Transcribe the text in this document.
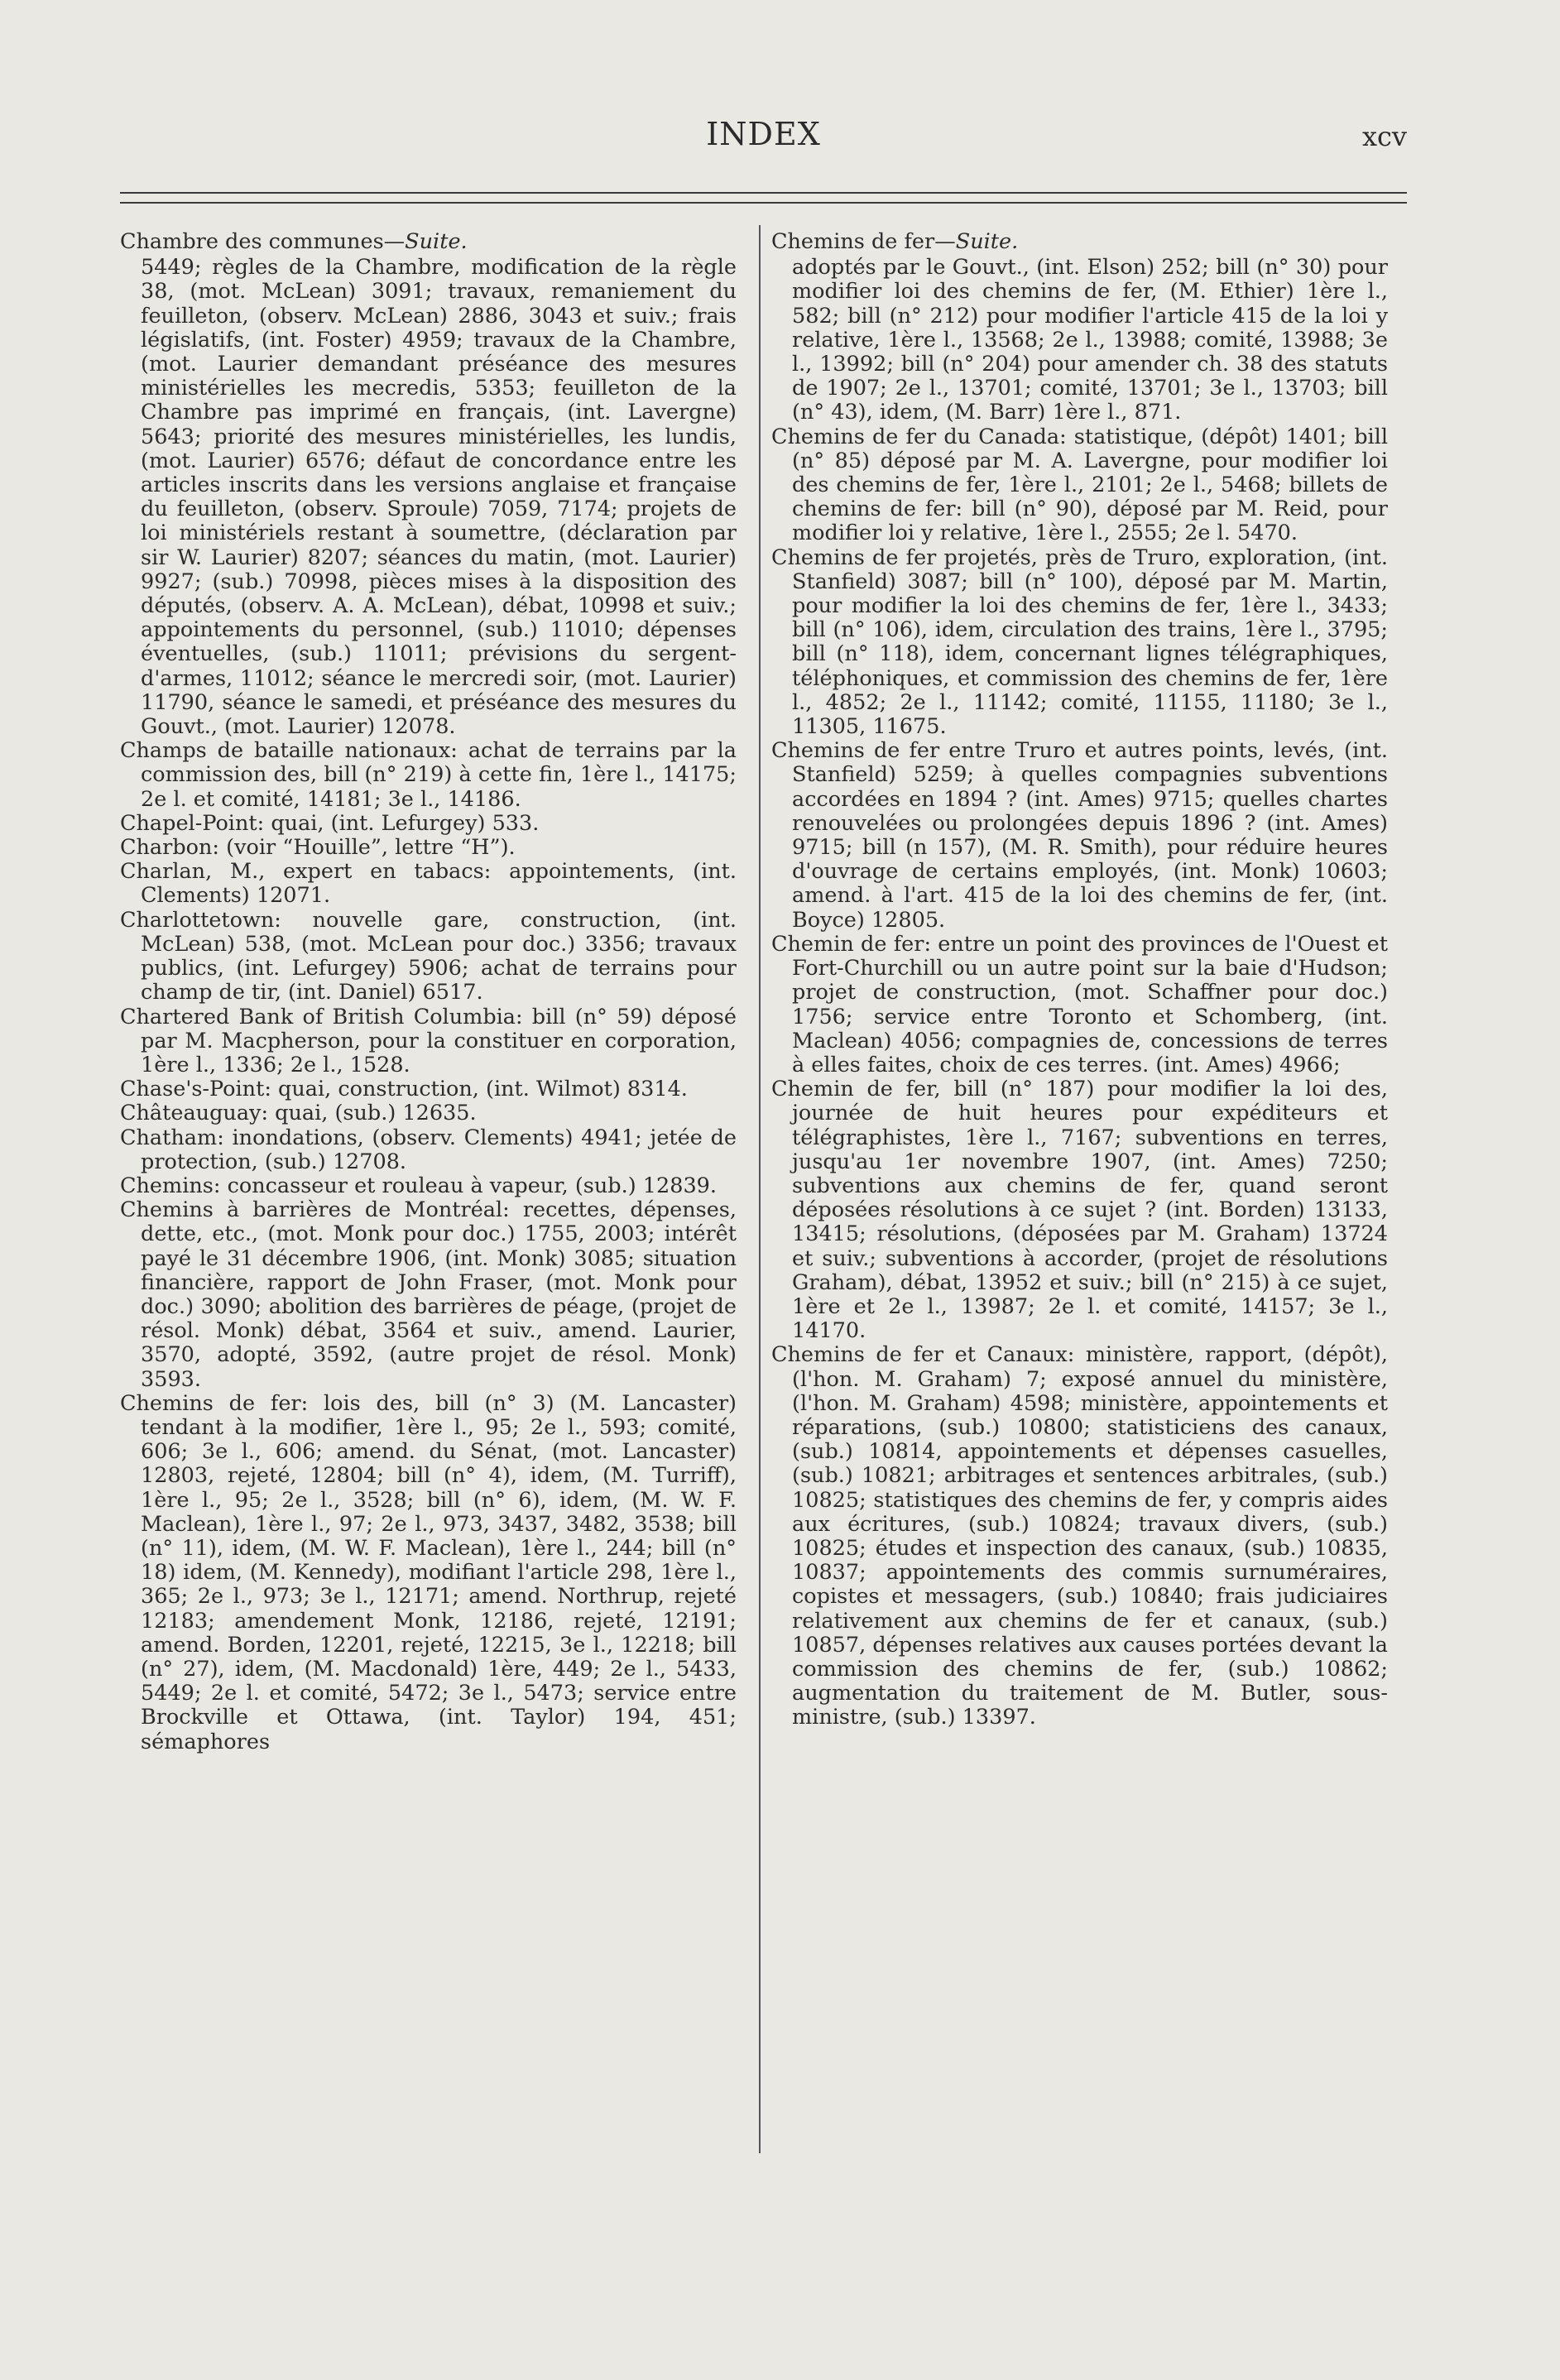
INDEX	xcv

Chambre des communes—Suite.

5449; règles de la Chambre, modification de la règle 38, (mot. McLean) 3091; travaux, remaniement du feuilleton, (observ. McLean) 2886, 3043 et suiv.; frais législatifs, (int. Foster) 4959; travaux de la Chambre, (mot. Laurier demandant préséance des mesures ministérielles les mecredis, 5353; feuilleton de la Chambre pas imprimé en français, (int. Lavergne) 5643; priorité des mesures ministérielles, les lundis, (mot. Laurier) 6576; défaut de concordance entre les articles inscrits dans les versions anglaise et française du feuilleton, (observ. Sproule) 7059, 7174; projets de loi ministériels restant à soumettre, (déclaration par sir W. Laurier) 8207; séances du matin, (mot. Laurier) 9927; (sub.) 70998, pièces mises à la disposition des députés, (observ. A. A. McLean), débat, 10998 et suiv.; appointements du personnel, (sub.) 11010; dépenses éventuelles, (sub.) 11011; prévisions du sergent-d'armes, 11012; séance le mercredi soir, (mot. Laurier) 11790, séance le samedi, et préséance des mesures du Gouvt., (mot. Laurier) 12078.

Champs de bataille nationaux: achat de terrains par la commission des, bill (n° 219) à cette fin, 1ère l., 14175; 2e l. et comité, 14181; 3e l., 14186.

Chapel-Point: quai, (int. Lefurgey) 533.

Charbon: (voir “Houille”, lettre “H”).

Charlan, M., expert en tabacs: appointements, (int. Clements) 12071.

Charlottetown: nouvelle gare, construction, (int. McLean) 538, (mot. McLean pour doc.) 3356; travaux publics, (int. Lefurgey) 5906; achat de terrains pour champ de tir, (int. Daniel) 6517.

Chartered Bank of British Columbia: bill (n° 59) déposé par M. Macpherson, pour la constituer en corporation, 1ère l., 1336; 2e l., 1528.

Chase's-Point: quai, construction, (int. Wilmot) 8314.

Châteauguay: quai, (sub.) 12635.

Chatham: inondations, (observ. Clements) 4941; jetée de protection, (sub.) 12708.

Chemins: concasseur et rouleau à vapeur, (sub.) 12839.

Chemins à barrières de Montréal: recettes, dépenses, dette, etc., (mot. Monk pour doc.) 1755, 2003; intérêt payé le 31 décembre 1906, (int. Monk) 3085; situation financière, rapport de John Fraser, (mot. Monk pour doc.) 3090; abolition des barrières de péage, (projet de résol. Monk) débat, 3564 et suiv., amend. Laurier, 3570, adopté, 3592, (autre projet de résol. Monk) 3593.

Chemins de fer: lois des, bill (n° 3) (M. Lancaster) tendant à la modifier, 1ère l., 95; 2e l., 593; comité, 606; 3e l., 606; amend. du Sénat, (mot. Lancaster) 12803, rejeté, 12804; bill (n° 4), idem, (M. Turriff), 1ère l., 95; 2e l., 3528; bill (n° 6), idem, (M. W. F. Maclean), 1ère l., 97; 2e l., 973, 3437, 3482, 3538; bill (n° 11), idem, (M. W. F. Maclean), 1ère l., 244; bill (n° 18) idem, (M. Kennedy), modifiant l'article 298, 1ère l., 365; 2e l., 973; 3e l., 12171; amend. Northrup, rejeté 12183; amendement Monk, 12186, rejeté, 12191; amend. Borden, 12201, rejeté, 12215, 3e l., 12218; bill (n° 27), idem, (M. Macdonald) 1ère, 449; 2e l., 5433, 5449; 2e l. et comité, 5472; 3e l., 5473; service entre Brockville et Ottawa, (int. Taylor) 194, 451; sémaphores

Chemins de fer—Suite.

adoptés par le Gouvt., (int. Elson) 252; bill (n° 30) pour modifier loi des chemins de fer, (M. Ethier) 1ère l., 582; bill (n° 212) pour modifier l'article 415 de la loi y relative, 1ère l., 13568; 2e l., 13988; comité, 13988; 3e l., 13992; bill (n° 204) pour amender ch. 38 des statuts de 1907; 2e l., 13701; comité, 13701; 3e l., 13703; bill (n° 43), idem, (M. Barr) 1ère l., 871.

Chemins de fer du Canada: statistique, (dépôt) 1401; bill (n° 85) déposé par M. A. Lavergne, pour modifier loi des chemins de fer, 1ère l., 2101; 2e l., 5468; billets de chemins de fer: bill (n° 90), déposé par M. Reid, pour modifier loi y relative, 1ère l., 2555; 2e l. 5470.

Chemins de fer projetés, près de Truro, exploration, (int. Stanfield) 3087; bill (n° 100), déposé par M. Martin, pour modifier la loi des chemins de fer, 1ère l., 3433; bill (n° 106), idem, circulation des trains, 1ère l., 3795; bill (n° 118), idem, concernant lignes télégraphiques, téléphoniques, et commission des chemins de fer, 1ère l., 4852; 2e l., 11142; comité, 11155, 11180; 3e l., 11305, 11675.

Chemins de fer entre Truro et autres points, levés, (int. Stanfield) 5259; à quelles compagnies subventions accordées en 1894 ? (int. Ames) 9715; quelles chartes renouvelées ou prolongées depuis 1896 ? (int. Ames) 9715; bill (n 157), (M. R. Smith), pour réduire heures d'ouvrage de certains employés, (int. Monk) 10603; amend. à l'art. 415 de la loi des chemins de fer, (int. Boyce) 12805.

Chemin de fer: entre un point des provinces de l'Ouest et Fort-Churchill ou un autre point sur la baie d'Hudson; projet de construction, (mot. Schaffner pour doc.) 1756; service entre Toronto et Schomberg, (int. Maclean) 4056; compagnies de, concessions de terres à elles faites, choix de ces terres. (int. Ames) 4966;

Chemin de fer, bill (n° 187) pour modifier la loi des, journée de huit heures pour expéditeurs et télégraphistes, 1ère l., 7167; subventions en terres, jusqu'au 1er novembre 1907, (int. Ames) 7250; subventions aux chemins de fer, quand seront déposées résolutions à ce sujet ? (int. Borden) 13133, 13415; résolutions, (déposées par M. Graham) 13724 et suiv.; subventions à accorder, (projet de résolutions Graham), débat, 13952 et suiv.; bill (n° 215) à ce sujet, 1ère et 2e l., 13987; 2e l. et comité, 14157; 3e l., 14170.

Chemins de fer et Canaux: ministère, rapport, (dépôt), (l'hon. M. Graham) 7; exposé annuel du ministère, (l'hon. M. Graham) 4598; ministère, appointements et réparations, (sub.) 10800; statisticiens des canaux, (sub.) 10814, appointements et dépenses casuelles, (sub.) 10821; arbitrages et sentences arbitrales, (sub.) 10825; statistiques des chemins de fer, y compris aides aux écritures, (sub.) 10824; travaux divers, (sub.) 10825; études et inspection des canaux, (sub.) 10835, 10837; appointements des commis surnuméraires, copistes et messagers, (sub.) 10840; frais judiciaires relativement aux chemins de fer et canaux, (sub.) 10857, dépenses relatives aux causes portées devant la commission des chemins de fer, (sub.) 10862; augmentation du traitement de M. Butler, sous-ministre, (sub.) 13397.
